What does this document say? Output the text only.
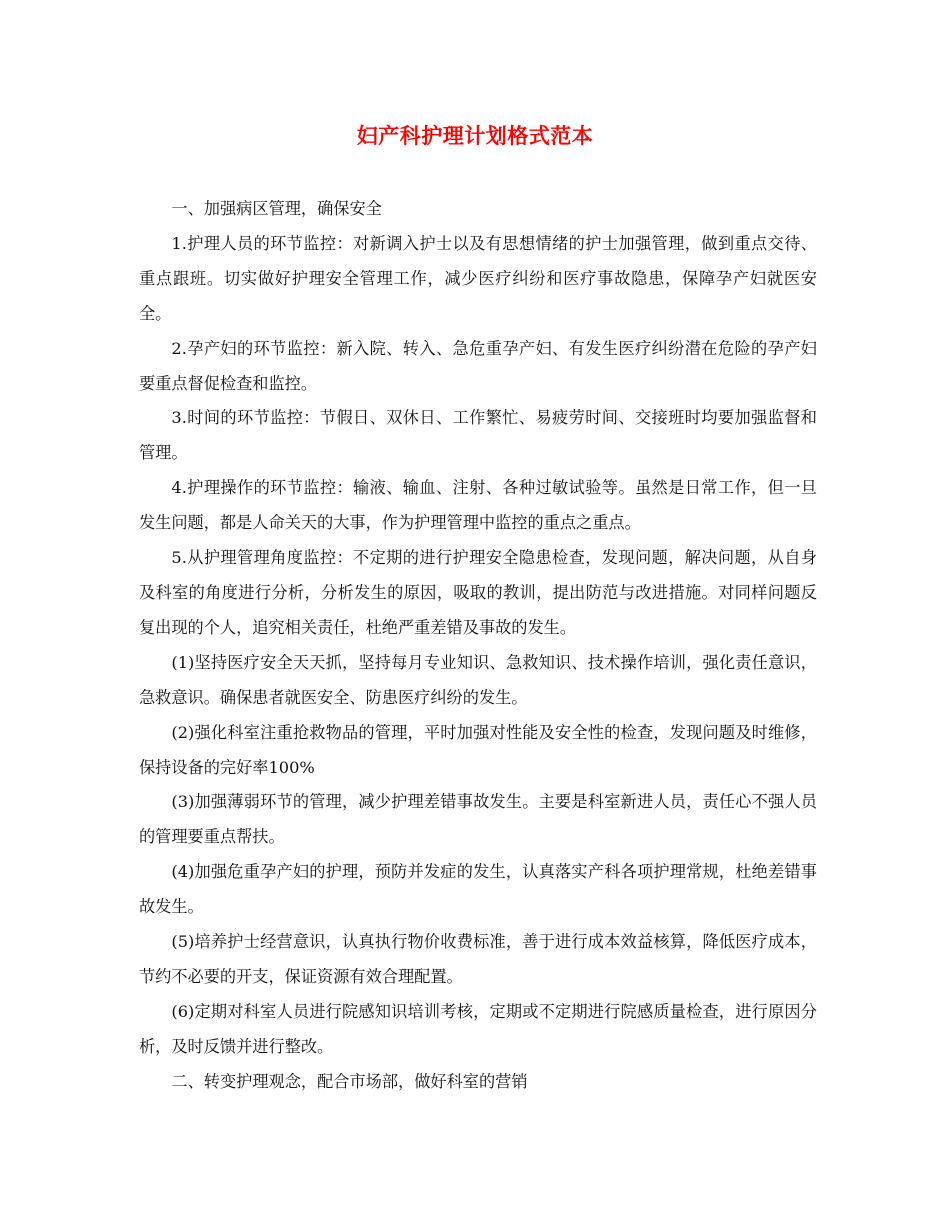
妇产科护理计划格式范本

一、加强病区管理，确保安全

1.护理人员的环节监控：对新调入护士以及有思想情绪的护士加强管理，做到重点交待、重点跟班。切实做好护理安全管理工作，减少医疗纠纷和医疗事故隐患，保障孕产妇就医安全。

2.孕产妇的环节监控：新入院、转入、急危重孕产妇、有发生医疗纠纷潜在危险的孕产妇要重点督促检查和监控。

3.时间的环节监控：节假日、双休日、工作繁忙、易疲劳时间、交接班时均要加强监督和管理。

4.护理操作的环节监控：输液、输血、注射、各种过敏试验等。虽然是日常工作，但一旦发生问题，都是人命关天的大事，作为护理管理中监控的重点之重点。

5.从护理管理角度监控：不定期的进行护理安全隐患检查，发现问题，解决问题，从自身及科室的角度进行分析，分析发生的原因，吸取的教训，提出防范与改进措施。对同样问题反复出现的个人，追究相关责任，杜绝严重差错及事故的发生。

(1)坚持医疗安全天天抓，坚持每月专业知识、急救知识、技术操作培训，强化责任意识，急救意识。确保患者就医安全、防患医疗纠纷的发生。

(2)强化科室注重抢救物品的管理，平时加强对性能及安全性的检查，发现问题及时维修，保持设备的完好率100%

(3)加强薄弱环节的管理，减少护理差错事故发生。主要是科室新进人员，责任心不强人员的管理要重点帮扶。

(4)加强危重孕产妇的护理，预防并发症的发生，认真落实产科各项护理常规，杜绝差错事故发生。

(5)培养护士经营意识，认真执行物价收费标准，善于进行成本效益核算，降低医疗成本，节约不必要的开支，保证资源有效合理配置。

(6)定期对科室人员进行院感知识培训考核，定期或不定期进行院感质量检查，进行原因分析，及时反馈并进行整改。

二、转变护理观念，配合市场部，做好科室的营销
